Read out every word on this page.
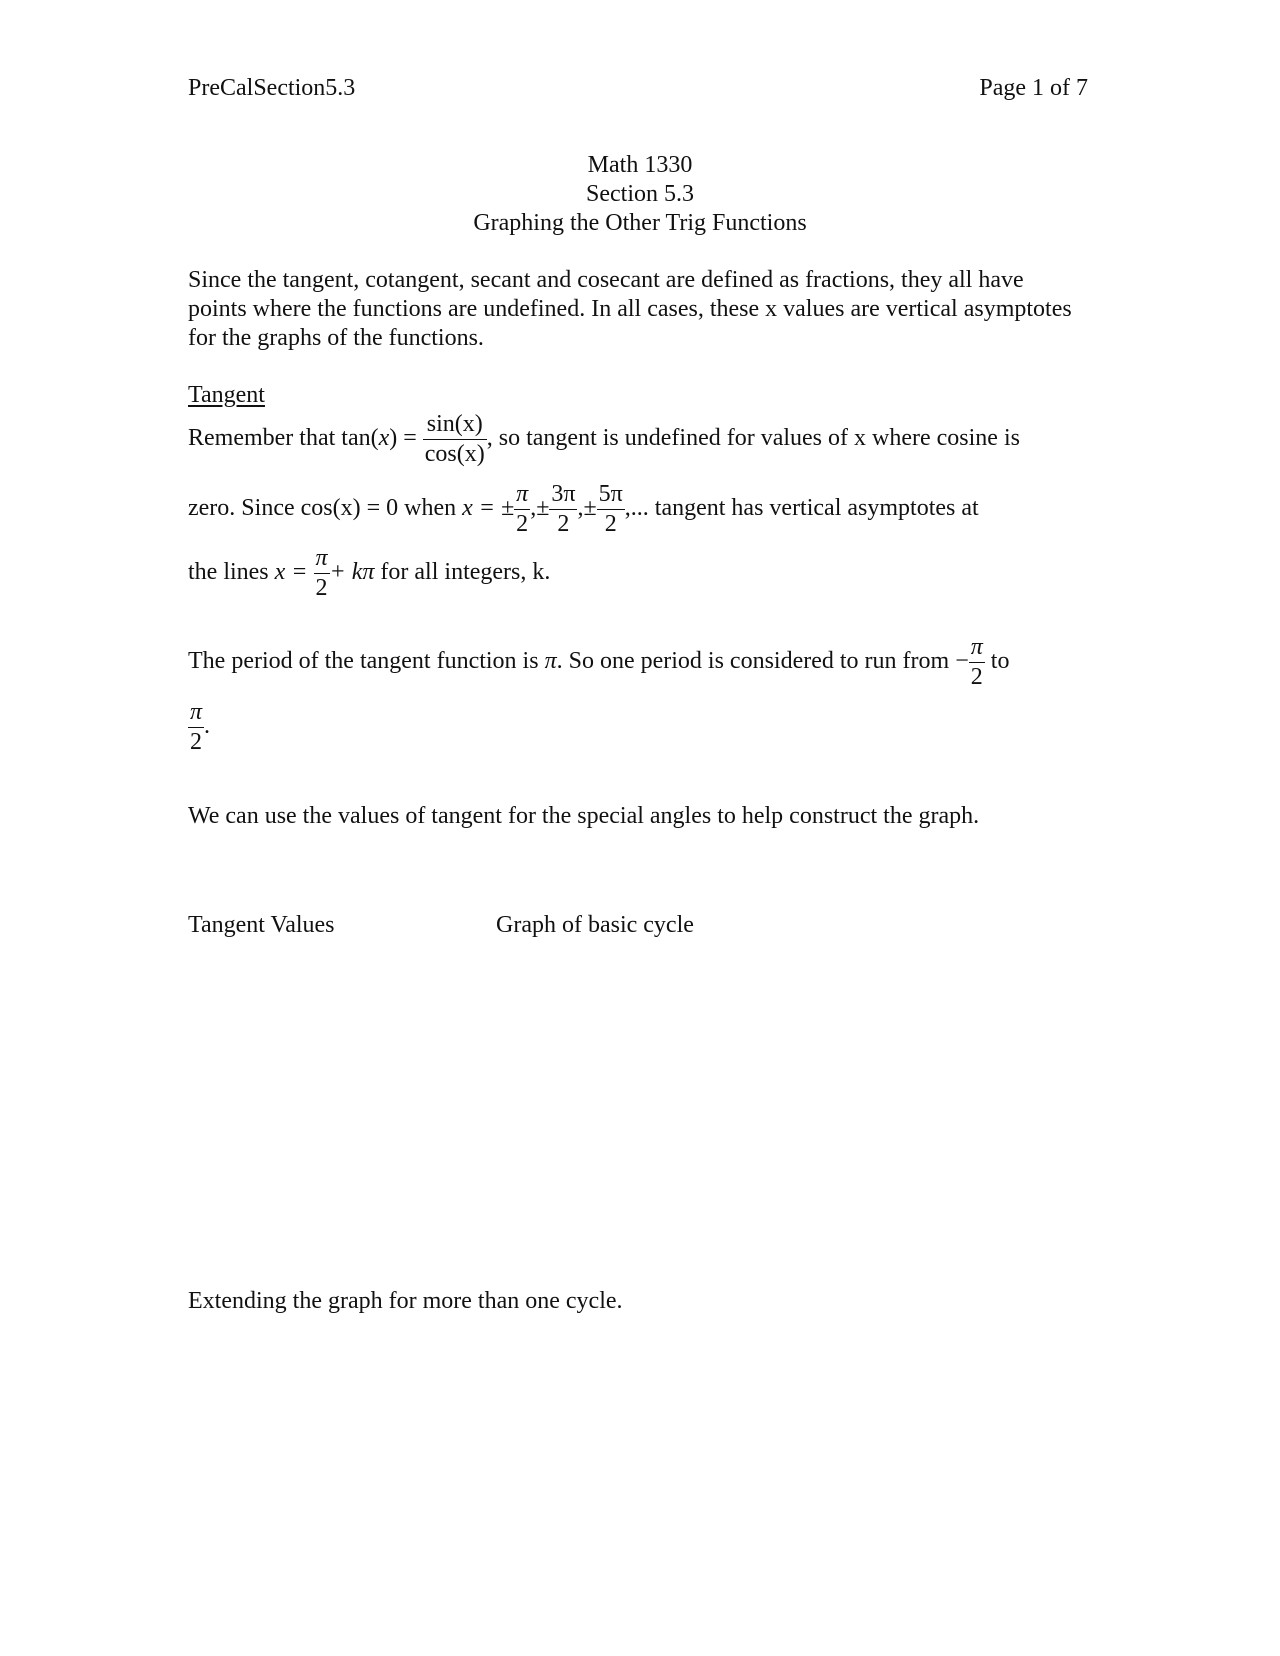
PreCalSection5.3	Page 1 of 7
Math 1330
Section 5.3
Graphing the Other Trig Functions
Since the tangent, cotangent, secant and cosecant are defined as fractions, they all have points where the functions are undefined. In all cases, these x values are vertical asymptotes for the graphs of the functions.
Tangent
Remember that $\tan(x) = \frac{\sin(x)}{\cos(x)}$ , so tangent is undefined for values of x where cosine is
zero. Since cos(x) = 0 when x = ± $\frac{\pi}{2}$ ,± $\frac{3\pi}{2}$ ,± $\frac{5\pi}{2}$ ,... tangent has vertical asymptotes at
the lines $x = \frac{\pi}{2} + k\pi$ for all integers, k.
The period of the tangent function is π. So one period is considered to run from − $\frac{\pi}{2}$ to
$\frac{\pi}{2}$ .
We can use the values of tangent for the special angles to help construct the graph.
Tangent Values	Graph of basic cycle
Extending the graph for more than one cycle.
